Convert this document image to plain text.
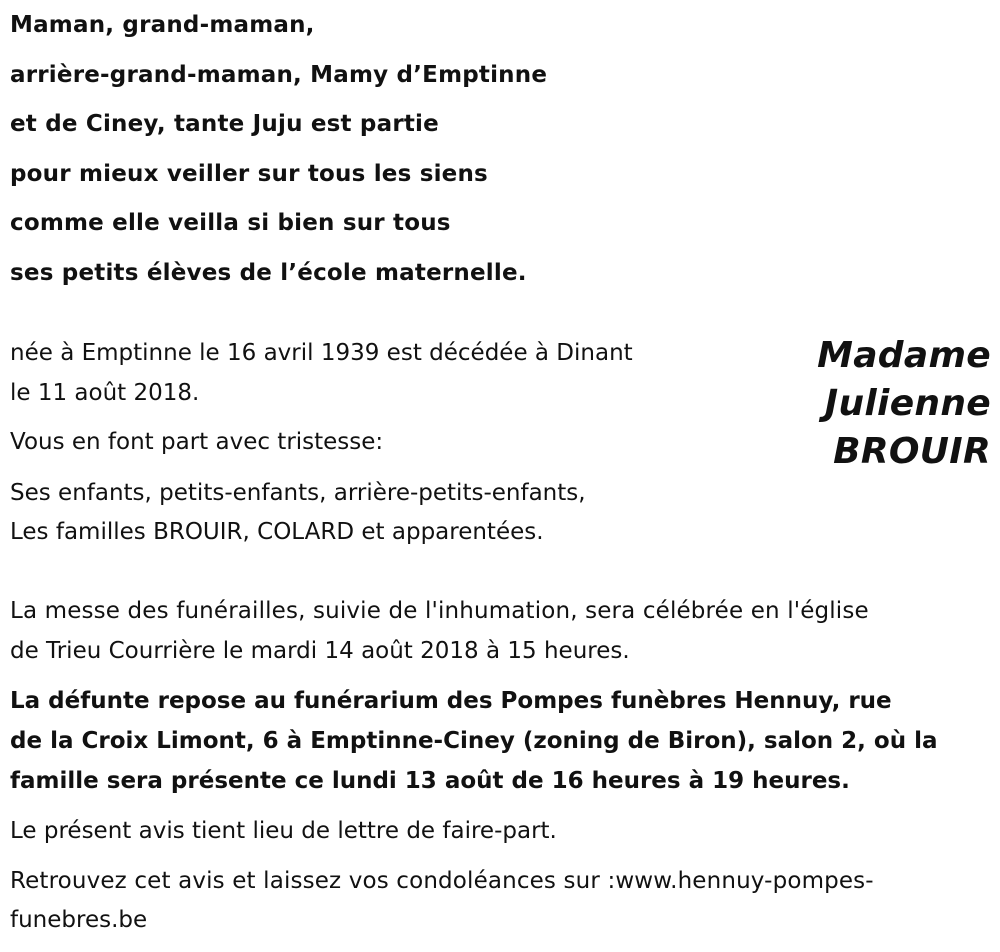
Maman, grand-maman,
arrière-grand-maman, Mamy d’Emptinne
et de Ciney, tante Juju est partie
pour mieux veiller sur tous les siens
comme elle veilla si bien sur tous
ses petits élèves de l’école maternelle.
Madame
Julienne
BROUIR
née à Emptinne le 16 avril 1939 est décédée à Dinant
le 11 août 2018.
Vous en font part avec tristesse:
Ses enfants, petits-enfants, arrière-petits-enfants,
Les familles BROUIR, COLARD et apparentées.
La messe des funérailles, suivie de l'inhumation, sera célébrée en l'église
de Trieu Courrière le mardi 14 août 2018 à 15 heures.
La défunte repose au funérarium des Pompes funèbres Hennuy, rue
de la Croix Limont, 6 à Emptinne-Ciney (zoning de Biron), salon 2, où la
famille sera présente ce lundi 13 août de 16 heures à 19 heures.
Le présent avis tient lieu de lettre de faire-part.
Retrouvez cet avis et laissez vos condoléances sur :www.hennuy-pompes-
funebres.be
